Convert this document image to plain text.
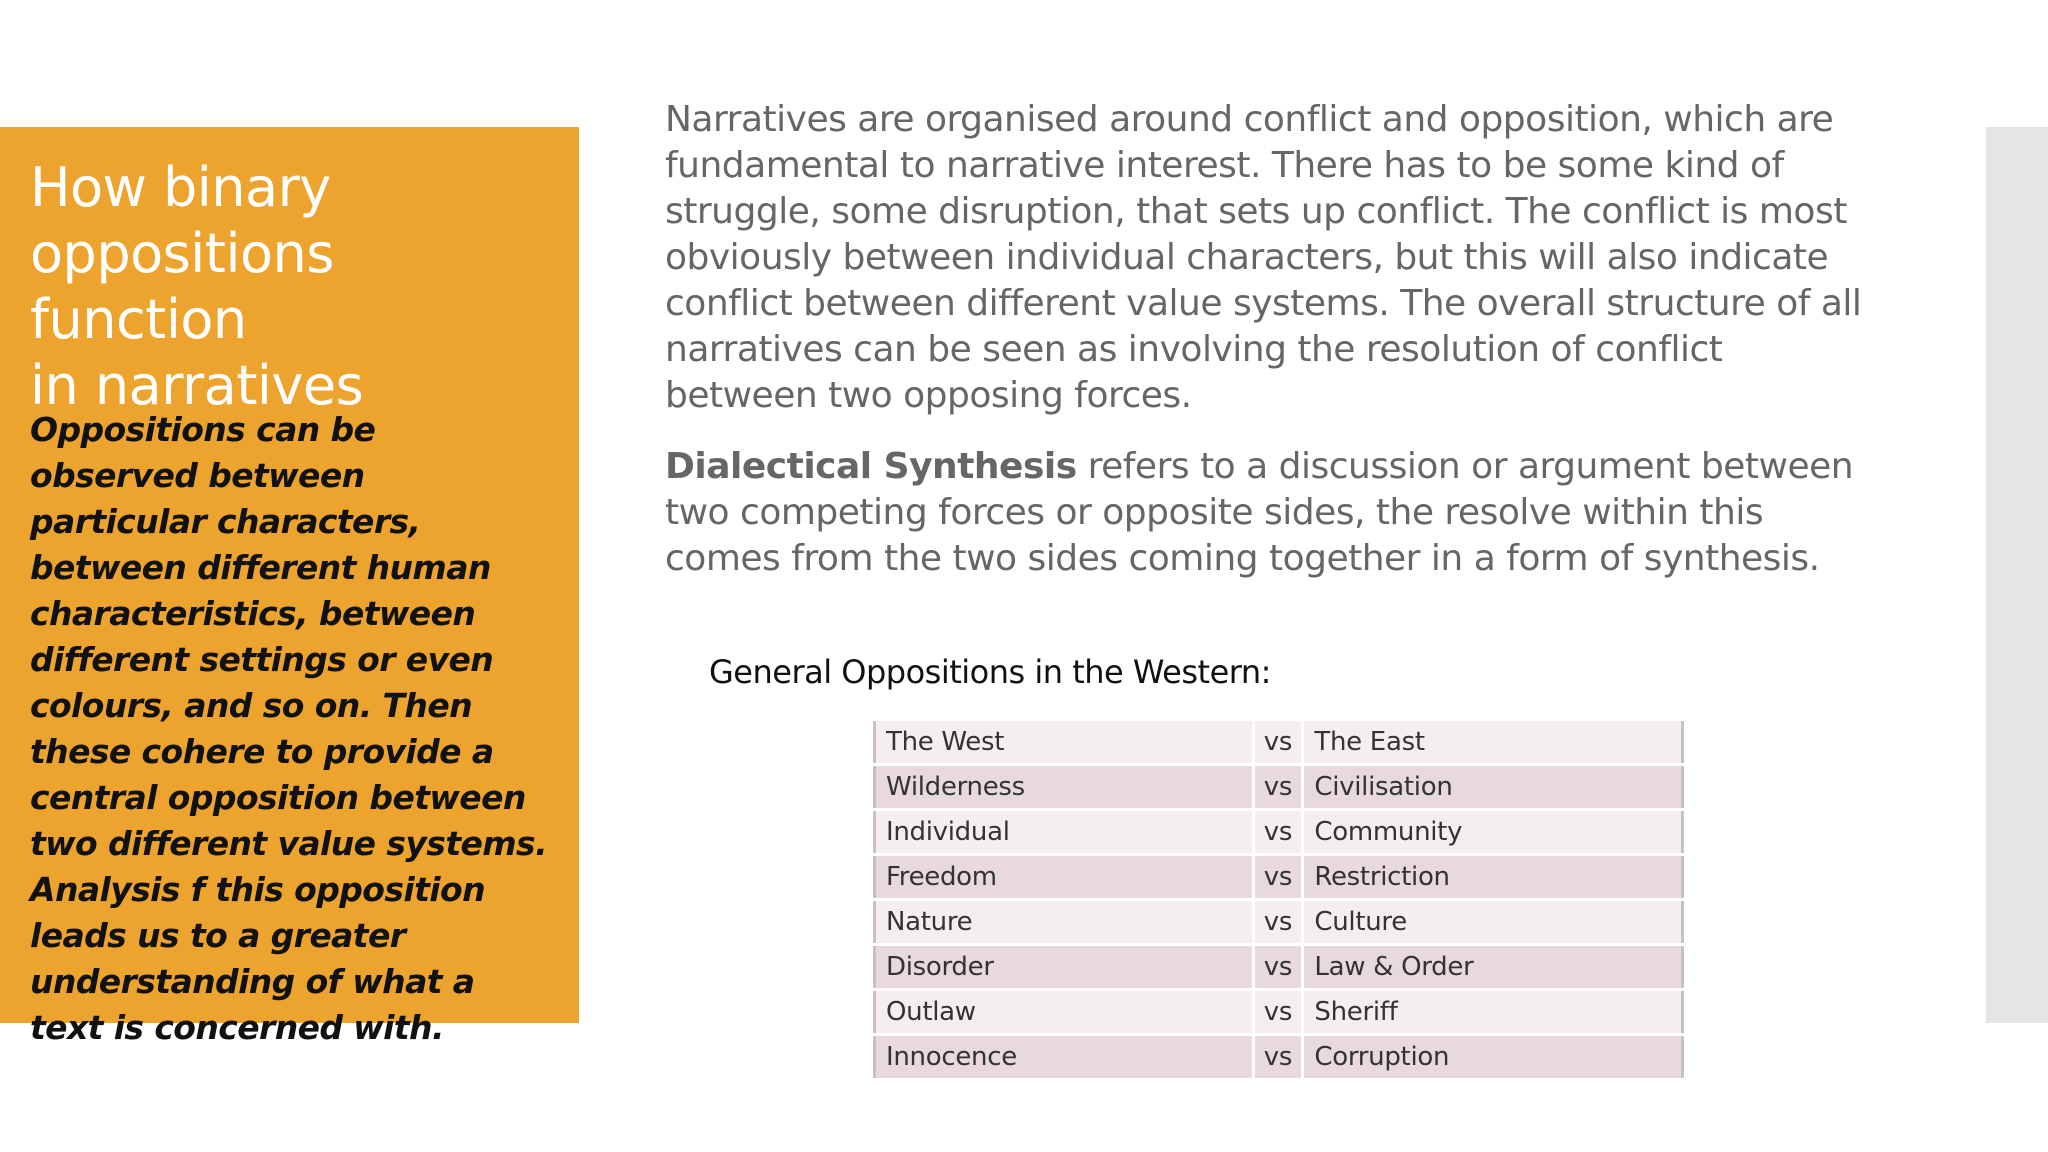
How binary
oppositions function
in narratives

Oppositions can be observed between particular characters, between different human characteristics, between different settings or even colours, and so on. Then these cohere to provide a central opposition between two different value systems. Analysis f this opposition leads us to a greater understanding of what a text is concerned with.

Narratives are organised around conflict and opposition, which are fundamental to narrative interest. There has to be some kind of struggle, some disruption, that sets up conflict. The conflict is most obviously between individual characters, but this will also indicate conflict between different value systems. The overall structure of all narratives can be seen as involving the resolution of conflict between two opposing forces.

Dialectical Synthesis refers to a discussion or argument between two competing forces or opposite sides, the resolve within this comes from the two sides coming together in a form of synthesis.

General Oppositions in the Western:

The West	vs	The East
Wilderness	vs	Civilisation
Individual	vs	Community
Freedom	vs	Restriction
Nature	vs	Culture
Disorder	vs	Law & Order
Outlaw	vs	Sheriff
Innocence	vs	Corruption
